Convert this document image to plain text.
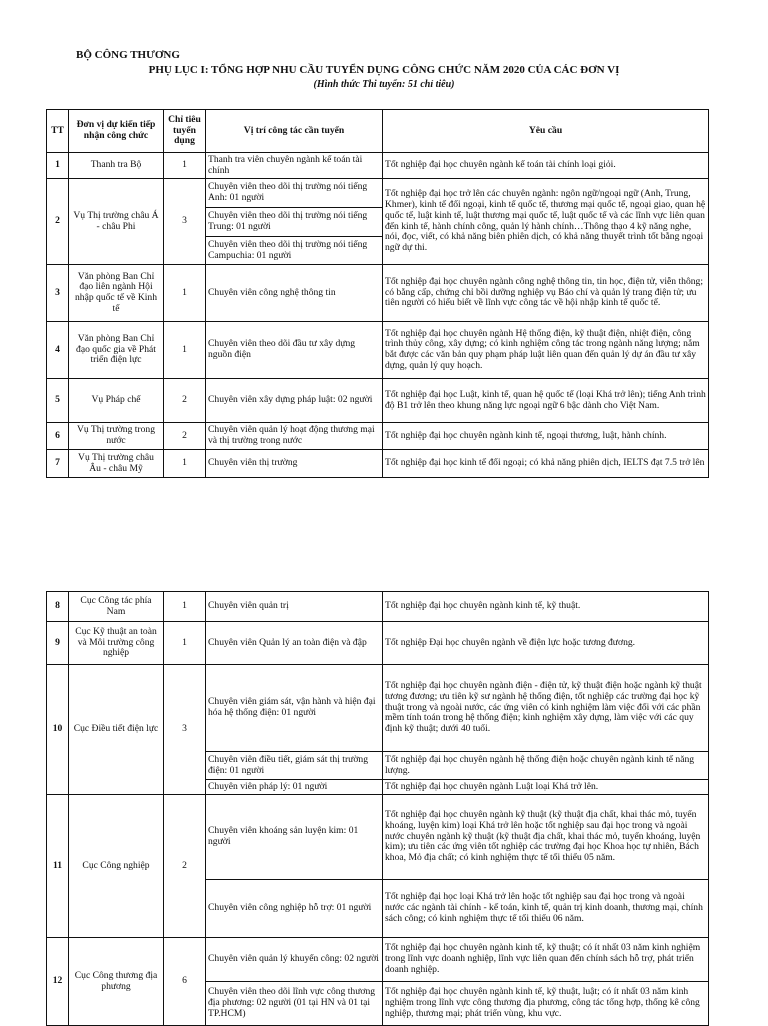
BỘ CÔNG THƯƠNG
PHỤ LỤC I: TỔNG HỢP NHU CẦU TUYỂN DỤNG CÔNG CHỨC NĂM 2020 CỦA CÁC ĐƠN VỊ
(Hình thức Thi tuyển: 51 chỉ tiêu)
TT	Đơn vị dự kiến tiếp nhận công chức	Chỉ tiêu tuyển dụng	Vị trí công tác cần tuyển	Yêu cầu
1	Thanh tra Bộ	1	Thanh tra viên chuyên ngành kế toán tài chính	Tốt nghiệp đại học chuyên ngành kế toán tài chính loại giỏi.
2	Vụ Thị trường châu Á - châu Phi	3	Chuyên viên theo dõi thị trường nói tiếng Anh: 01 người	Tốt nghiệp đại học trở lên các chuyên ngành: ngôn ngữ/ngoại ngữ (Anh, Trung, Khmer), kinh tế đối ngoại, kinh tế quốc tế, thương mại quốc tế, ngoại giao, quan hệ quốc tế, luật kinh tế, luật thương mại quốc tế, luật quốc tế và các lĩnh vực liên quan đến kinh tế, hành chính công, quản lý hành chính…Thông thạo 4 kỹ năng nghe, nói, đọc, viết, có khả năng biên phiên dịch, có khả năng thuyết trình tốt bằng ngoại ngữ dự thi.
			Chuyên viên theo dõi thị trường nói tiếng Trung: 01 người	
			Chuyên viên theo dõi thị trường nói tiếng Campuchia: 01 người	
3	Văn phòng Ban Chỉ đạo liên ngành Hội nhập quốc tế về Kinh tế	1	Chuyên viên công nghệ thông tin	Tốt nghiệp đại học chuyên ngành công nghệ thông tin, tin học, điện tử, viễn thông; có bằng cấp, chứng chỉ bồi dưỡng nghiệp vụ Báo chí và quản lý trang điện tử; ưu tiên người có hiểu biết về lĩnh vực công tác về hội nhập kinh tế quốc tế.
4	Văn phòng Ban Chỉ đạo quốc gia về Phát triển điện lực	1	Chuyên viên theo dõi đầu tư xây dựng nguồn điện	Tốt nghiệp đại học chuyên ngành Hệ thống điện, kỹ thuật điện, nhiệt điện, công trình thủy công, xây dựng; có kinh nghiệm công tác trong ngành năng lượng; nắm bắt được các văn bản quy phạm pháp luật liên quan đến quản lý dự án đầu tư xây dựng, quản lý quy hoạch.
5	Vụ Pháp chế	2	Chuyên viên xây dựng pháp luật: 02 người	Tốt nghiệp đại học Luật, kinh tế, quan hệ quốc tế (loại Khá trở lên); tiếng Anh trình độ B1 trở lên theo khung năng lực ngoại ngữ 6 bậc dành cho Việt Nam.
6	Vụ Thị trường trong nước	2	Chuyên viên quản lý hoạt động thương mại và thị trường trong nước	Tốt nghiệp đại học chuyên ngành kinh tế, ngoại thương, luật, hành chính.
7	Vụ Thị trường châu Âu - châu Mỹ	1	Chuyên viên thị trường	Tốt nghiệp đại học kinh tế đối ngoại; có khả năng phiên dịch, IELTS đạt 7.5 trở lên
8	Cục Công tác phía Nam	1	Chuyên viên quản trị	Tốt nghiệp đại học chuyên ngành kinh tế, kỹ thuật.
9	Cục Kỹ thuật an toàn và Môi trường công nghiệp	1	Chuyên viên Quản lý an toàn điện và đập	Tốt nghiệp Đại học chuyên ngành về điện lực hoặc tương đương.
10	Cục Điều tiết điện lực	3	Chuyên viên giám sát, vận hành và hiện đại hóa hệ thống điện: 01 người	Tốt nghiệp đại học chuyên ngành điện - điện tử, kỹ thuật điện hoặc ngành kỹ thuật tương đương; ưu tiên kỹ sư ngành hệ thống điện, tốt nghiệp các trường đại học kỹ thuật trong và ngoài nước, các ứng viên có kinh nghiệm làm việc đối với các phần mềm tính toán trong hệ thống điện; kinh nghiệm xây dựng, làm việc với các quy định kỹ thuật; dưới 40 tuổi.
			Chuyên viên điều tiết, giám sát thị trường điện: 01 người	Tốt nghiệp đại học chuyên ngành hệ thống điện hoặc chuyên ngành kinh tế năng lượng.
			Chuyên viên pháp lý: 01 người	Tốt nghiệp đại học chuyên ngành Luật loại Khá trở lên.
11	Cục Công nghiệp	2	Chuyên viên khoáng sản luyện kim: 01 người	Tốt nghiệp đại học chuyên ngành kỹ thuật (kỹ thuật địa chất, khai thác mỏ, tuyển khoáng, luyện kim) loại Khá trở lên hoặc tốt nghiệp sau đại học trong và ngoài nước chuyên ngành kỹ thuật (kỹ thuật địa chất, khai thác mỏ, tuyển khoáng, luyện kim); ưu tiên các ứng viên tốt nghiệp các trường đại học Khoa học tự nhiên, Bách khoa, Mỏ địa chất; có kinh nghiệm thực tế tối thiểu 05 năm.
			Chuyên viên công nghiệp hỗ trợ: 01 người	Tốt nghiệp đại học loại Khá trở lên hoặc tốt nghiệp sau đại học trong và ngoài nước các ngành tài chính - kế toán, kinh tế, quản trị kinh doanh, thương mại, chính sách công; có kinh nghiệm thực tế tối thiểu 06 năm.
12	Cục Công thương địa phương	6	Chuyên viên quản lý khuyến công: 02 người	Tốt nghiệp đại học chuyên ngành kinh tế, kỹ thuật; có ít nhất 03 năm kinh nghiệm trong lĩnh vực doanh nghiệp, lĩnh vực liên quan đến chính sách hỗ trợ, phát triển doanh nghiệp.
			Chuyên viên theo dõi lĩnh vực công thương địa phương: 02 người (01 tại HN và 01 tại TP.HCM)	Tốt nghiệp đại học chuyên ngành kinh tế, kỹ thuật, luật; có ít nhất 03 năm kinh nghiệm trong lĩnh vực công thương địa phương, công tác tổng hợp, thống kê công nghiệp, thương mại; phát triển vùng, khu vực.
